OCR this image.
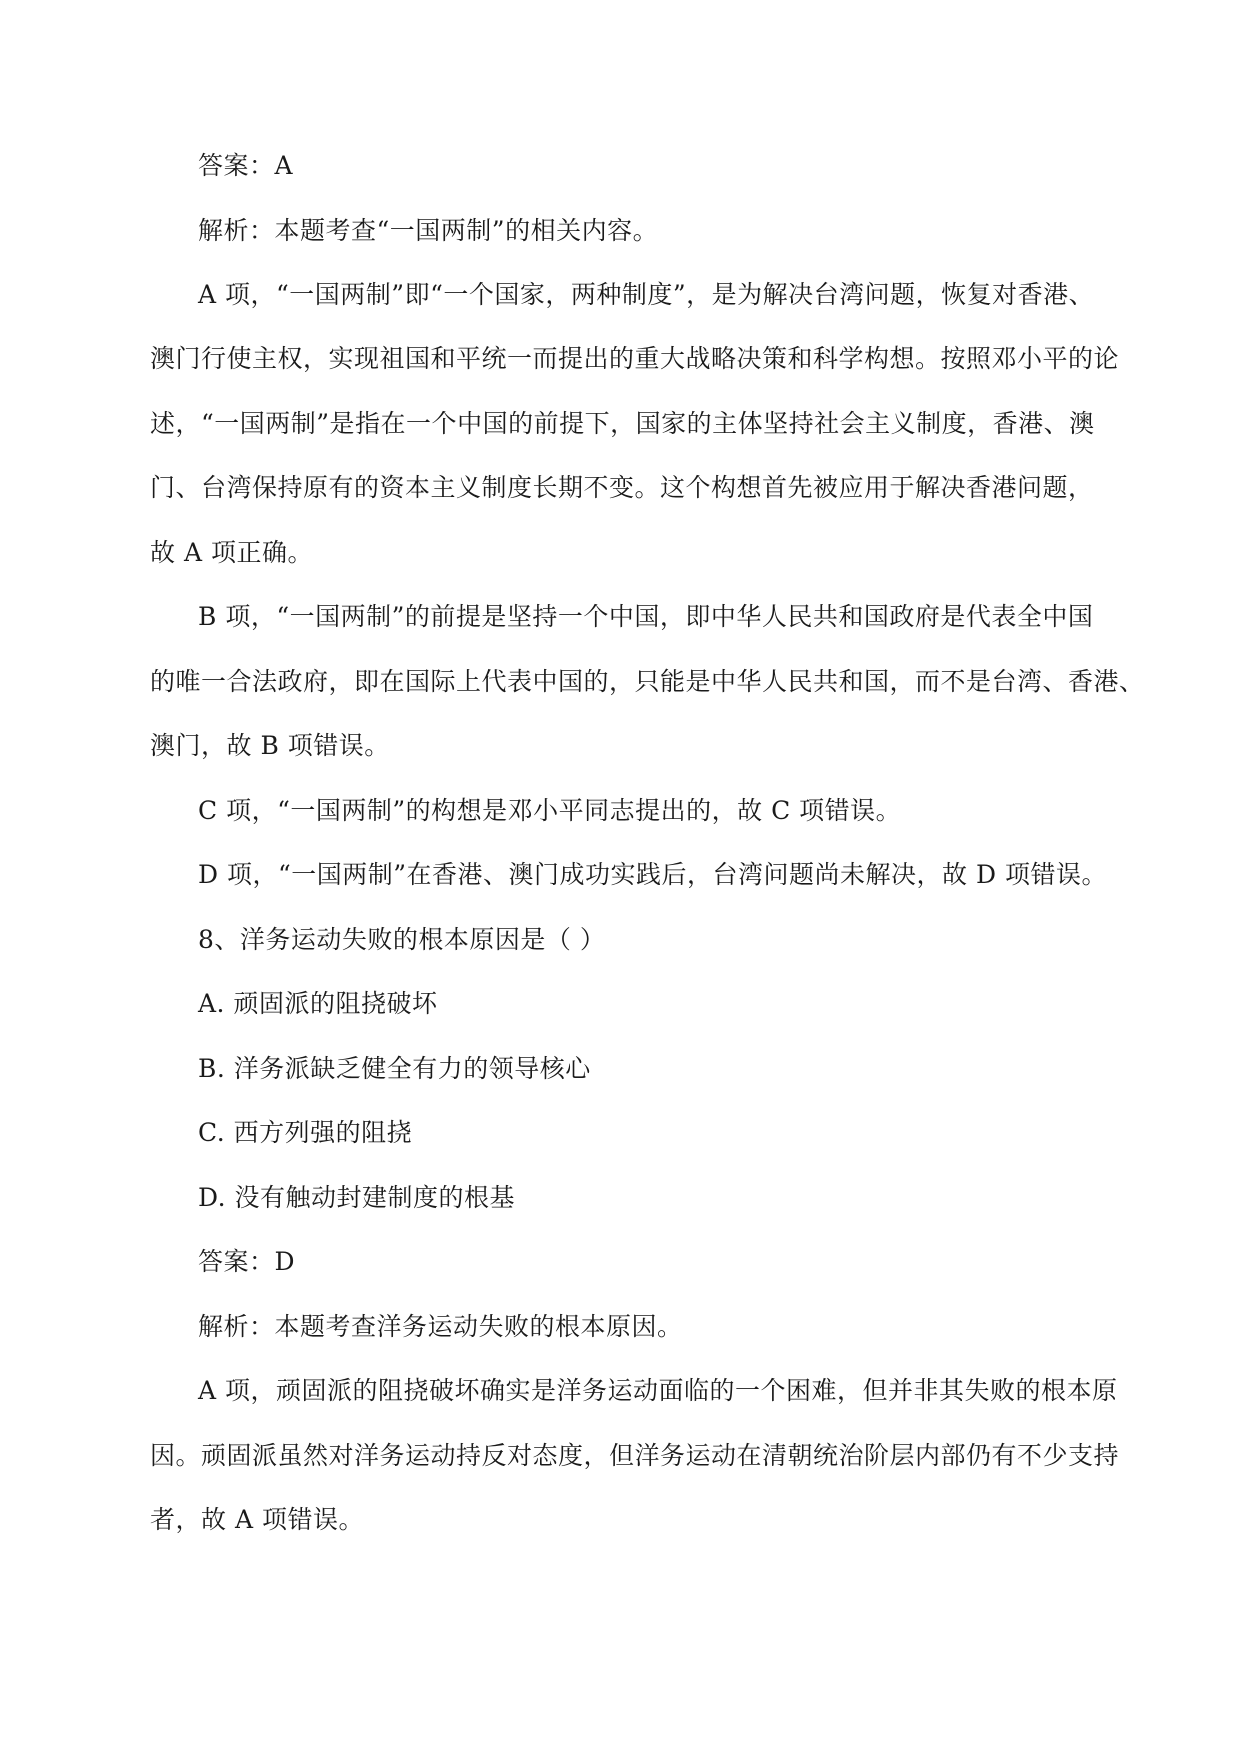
答案：A
解析：本题考查“一国两制”的相关内容。
A 项，“一国两制”即“一个国家，两种制度”，是为解决台湾问题，恢复对香港、
澳门行使主权，实现祖国和平统一而提出的重大战略决策和科学构想。按照邓小平的论
述，“一国两制”是指在一个中国的前提下，国家的主体坚持社会主义制度，香港、澳
门、台湾保持原有的资本主义制度长期不变。这个构想首先被应用于解决香港问题，
故 A 项正确。
B 项，“一国两制”的前提是坚持一个中国，即中华人民共和国政府是代表全中国
的唯一合法政府，即在国际上代表中国的，只能是中华人民共和国，而不是台湾、香港、
澳门，故 B 项错误。
C 项，“一国两制”的构想是邓小平同志提出的，故 C 项错误。
D 项，“一国两制”在香港、澳门成功实践后，台湾问题尚未解决，故 D 项错误。
8、洋务运动失败的根本原因是（ ）
A. 顽固派的阻挠破坏
B. 洋务派缺乏健全有力的领导核心
C. 西方列强的阻挠
D. 没有触动封建制度的根基
答案：D
解析：本题考查洋务运动失败的根本原因。
A 项，顽固派的阻挠破坏确实是洋务运动面临的一个困难，但并非其失败的根本原
因。顽固派虽然对洋务运动持反对态度，但洋务运动在清朝统治阶层内部仍有不少支持
者，故 A 项错误。
